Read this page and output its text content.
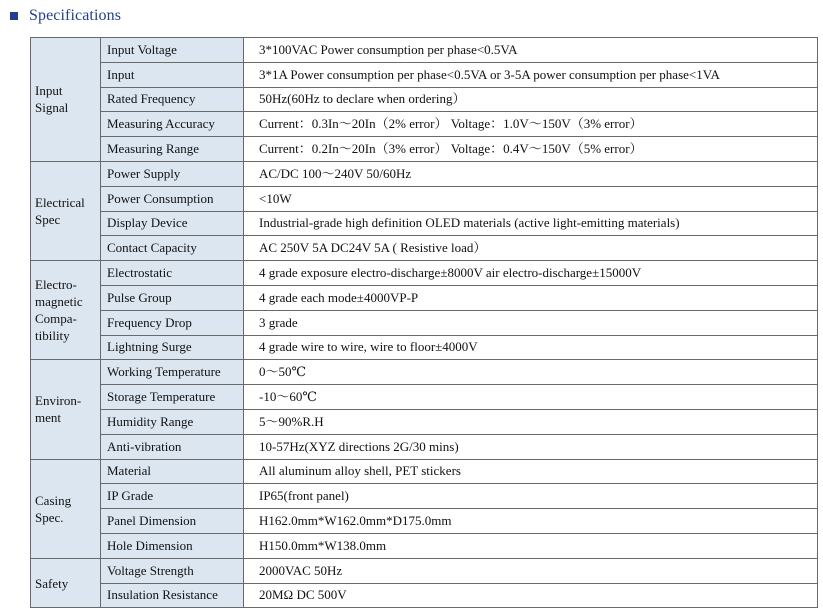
Specifications
Input
Signal	Input Voltage	3*100VAC Power consumption per phase<0.5VA
	Input	3*1A Power consumption per phase<0.5VA or 3-5A power consumption per phase<1VA
	Rated Frequency	50Hz(60Hz to declare when ordering）
	Measuring Accuracy	Current：0.3In～20In（2% error） Voltage：1.0V～150V（3% error）
	Measuring Range	Current：0.2In～20In（3% error） Voltage：0.4V～150V（5% error）

Electrical
Spec	Power Supply	AC/DC 100～240V 50/60Hz
	Power Consumption	<10W
	Display Device	Industrial-grade high definition OLED materials (active light-emitting materials)
	Contact Capacity	AC 250V 5A DC24V 5A ( Resistive load）

Electro-
magnetic
Compa-
tibility	Electrostatic	4 grade exposure electro-discharge±8000V air electro-discharge±15000V
	Pulse Group	4 grade each mode±4000VP-P
	Frequency Drop	3 grade
	Lightning Surge	4 grade wire to wire, wire to floor±4000V

Environ-
ment	Working Temperature	0～50℃
	Storage Temperature	-10～60℃
	Humidity Range	5～90%R.H
	Anti-vibration	10-57Hz(XYZ directions 2G/30 mins)

Casing
Spec.	Material	All aluminum alloy shell, PET stickers
	IP Grade	IP65(front panel)
	Panel Dimension	H162.0mm*W162.0mm*D175.0mm
	Hole Dimension	H150.0mm*W138.0mm

Safety	Voltage Strength	2000VAC 50Hz
	Insulation Resistance	20MΩ DC 500V
